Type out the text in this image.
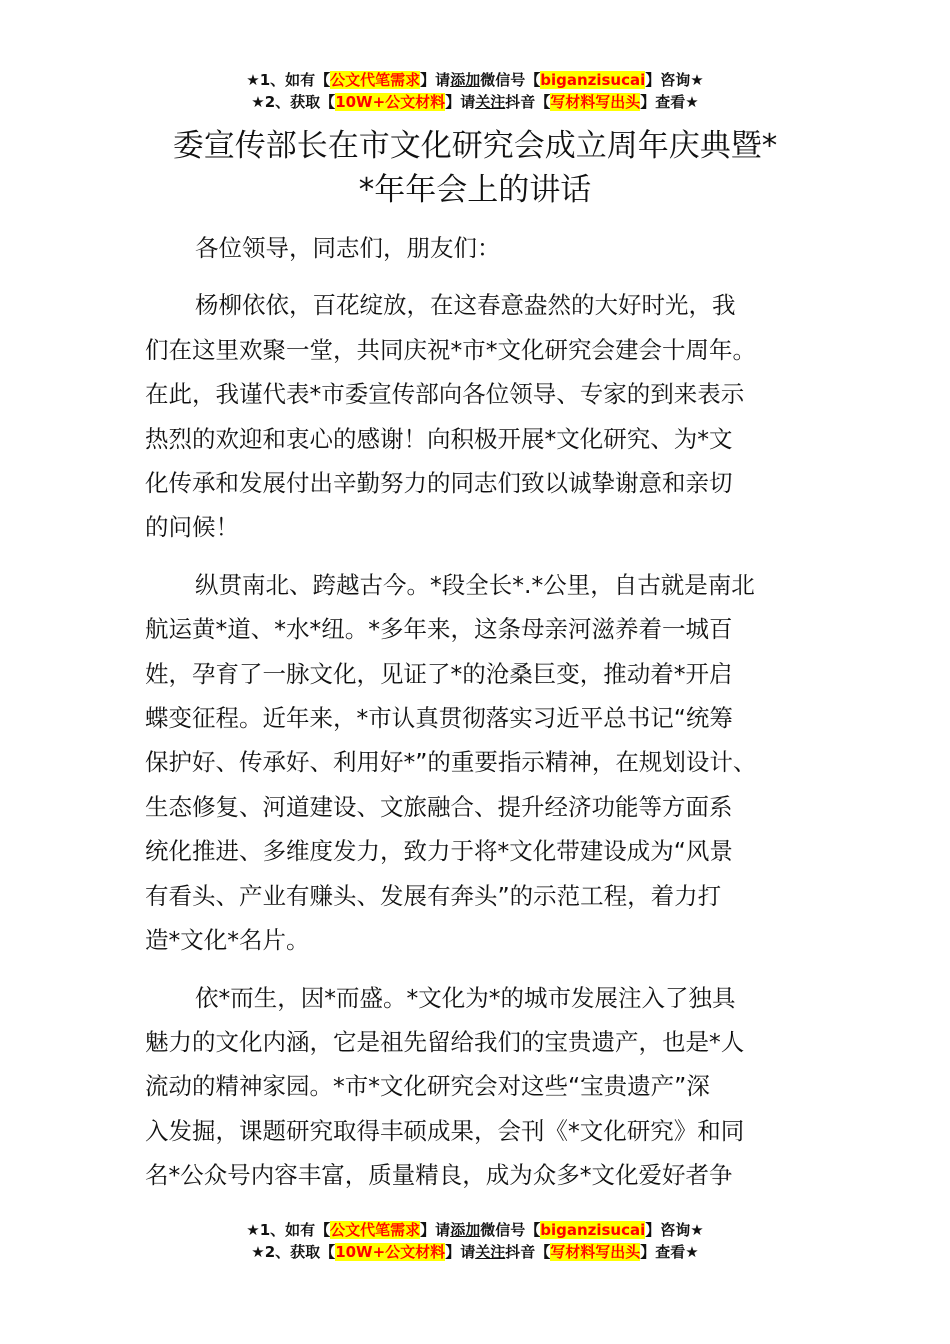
★1、如有【公文代笔需求】请添加微信号【biganzisucai】咨询★
★2、获取【10W+公文材料】请关注抖音【写材料写出头】查看★
委宣传部长在市文化研究会成立周年庆典暨*
*年年会上的讲话
各位领导，同志们，朋友们：
杨柳依依，百花绽放，在这春意盎然的大好时光，我
们在这里欢聚一堂，共同庆祝*市*文化研究会建会十周年。
在此，我谨代表*市委宣传部向各位领导、专家的到来表示
热烈的欢迎和衷心的感谢！向积极开展*文化研究、为*文
化传承和发展付出辛勤努力的同志们致以诚挚谢意和亲切
的问候！
纵贯南北、跨越古今。*段全长*.*公里，自古就是南北
航运黄*道、*水*纽。*多年来，这条母亲河滋养着一城百
姓，孕育了一脉文化，见证了*的沧桑巨变，推动着*开启
蝶变征程。近年来，*市认真贯彻落实习近平总书记“统筹
保护好、传承好、利用好*”的重要指示精神，在规划设计、
生态修复、河道建设、文旅融合、提升经济功能等方面系
统化推进、多维度发力，致力于将*文化带建设成为“风景
有看头、产业有赚头、发展有奔头”的示范工程，着力打
造*文化*名片。
依*而生，因*而盛。*文化为*的城市发展注入了独具
魅力的文化内涵，它是祖先留给我们的宝贵遗产，也是*人
流动的精神家园。*市*文化研究会对这些“宝贵遗产”深
入发掘，课题研究取得丰硕成果，会刊《*文化研究》和同
名*公众号内容丰富，质量精良，成为众多*文化爱好者争
★1、如有【公文代笔需求】请添加微信号【biganzisucai】咨询★
★2、获取【10W+公文材料】请关注抖音【写材料写出头】查看★
